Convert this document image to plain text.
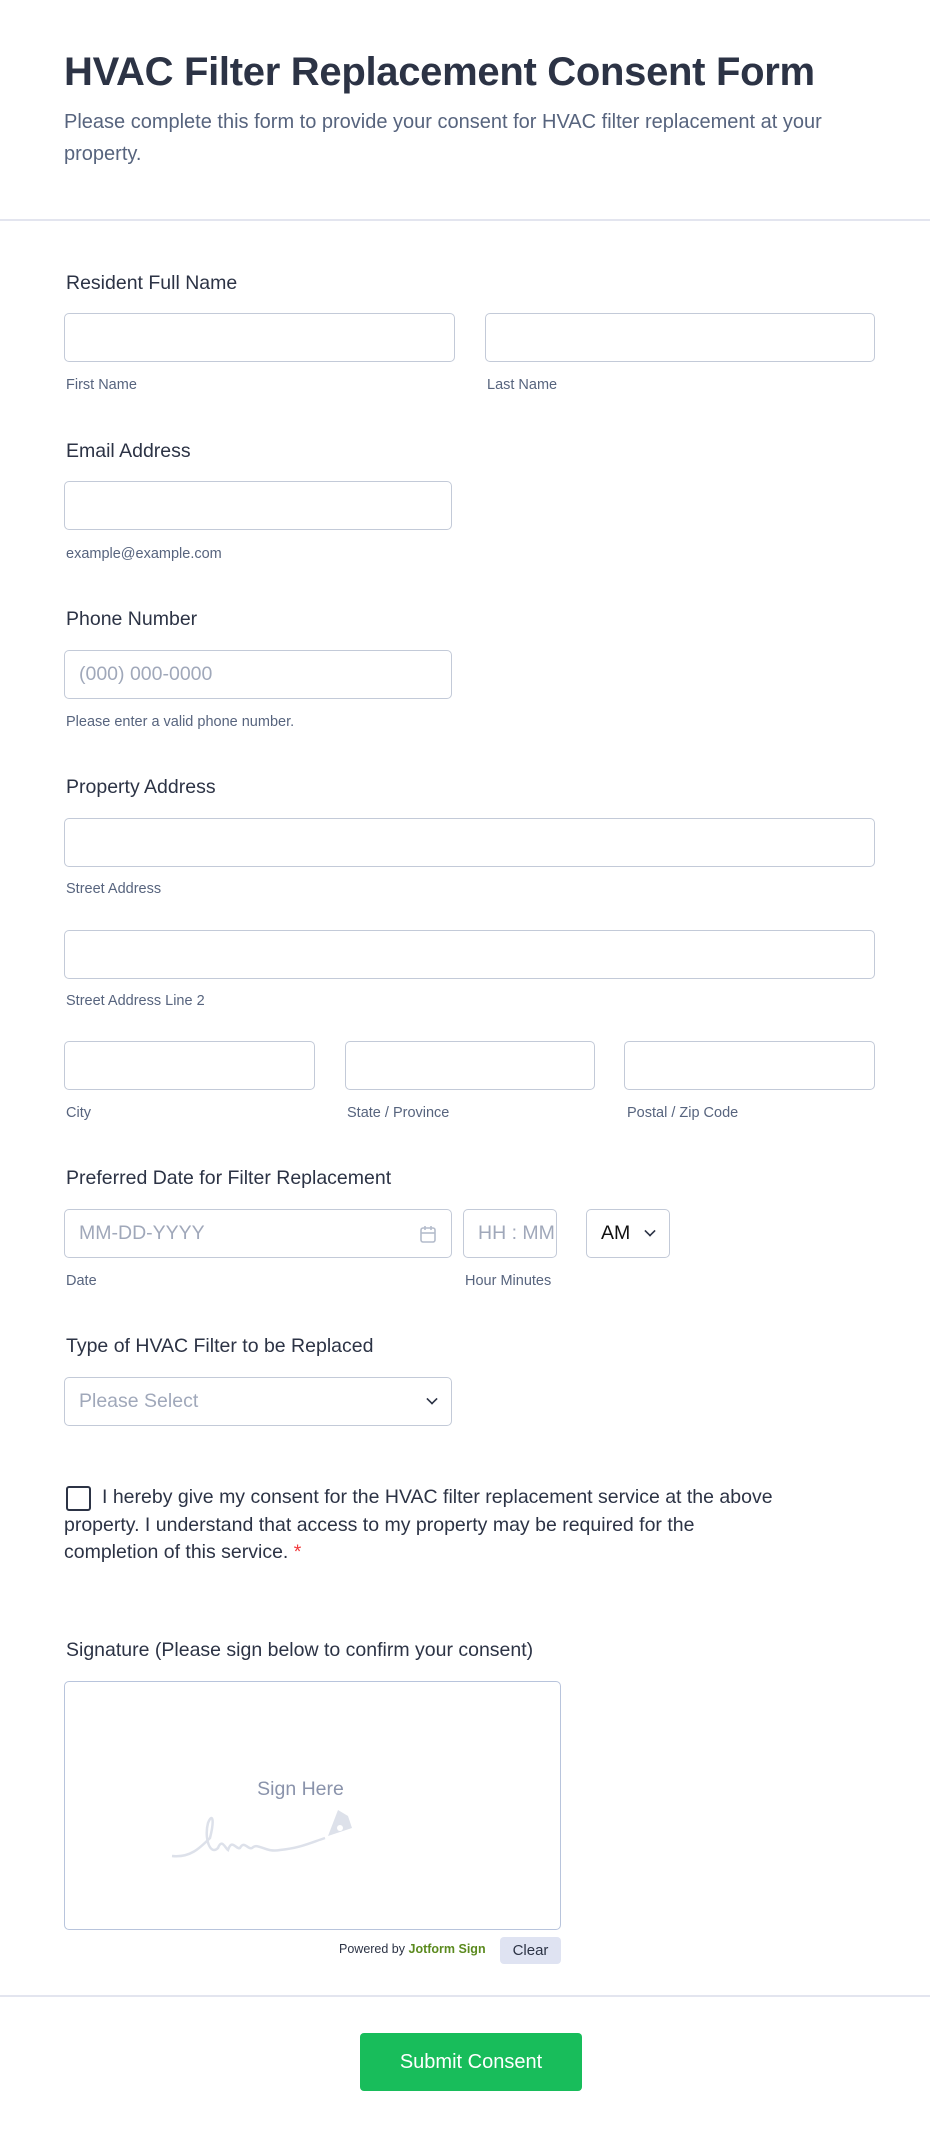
HVAC Filter Replacement Consent Form

Please complete this form to provide your consent for HVAC filter replacement at your property.

Resident Full Name
First Name	Last Name
Email Address
example@example.com
Phone Number
(000) 000-0000
Please enter a valid phone number.
Property Address
Street Address
Street Address Line 2
City	State / Province	Postal / Zip Code
Preferred Date for Filter Replacement
MM-DD-YYYY	HH : MM AM
Date	Hour Minutes
Type of HVAC Filter to be Replaced
Please Select

I hereby give my consent for the HVAC filter replacement service at the above property. I understand that access to my property may be required for the completion of this service. *

Signature (Please sign below to confirm your consent)
Sign Here
Powered by Jotform Sign	Clear
Submit Consent
